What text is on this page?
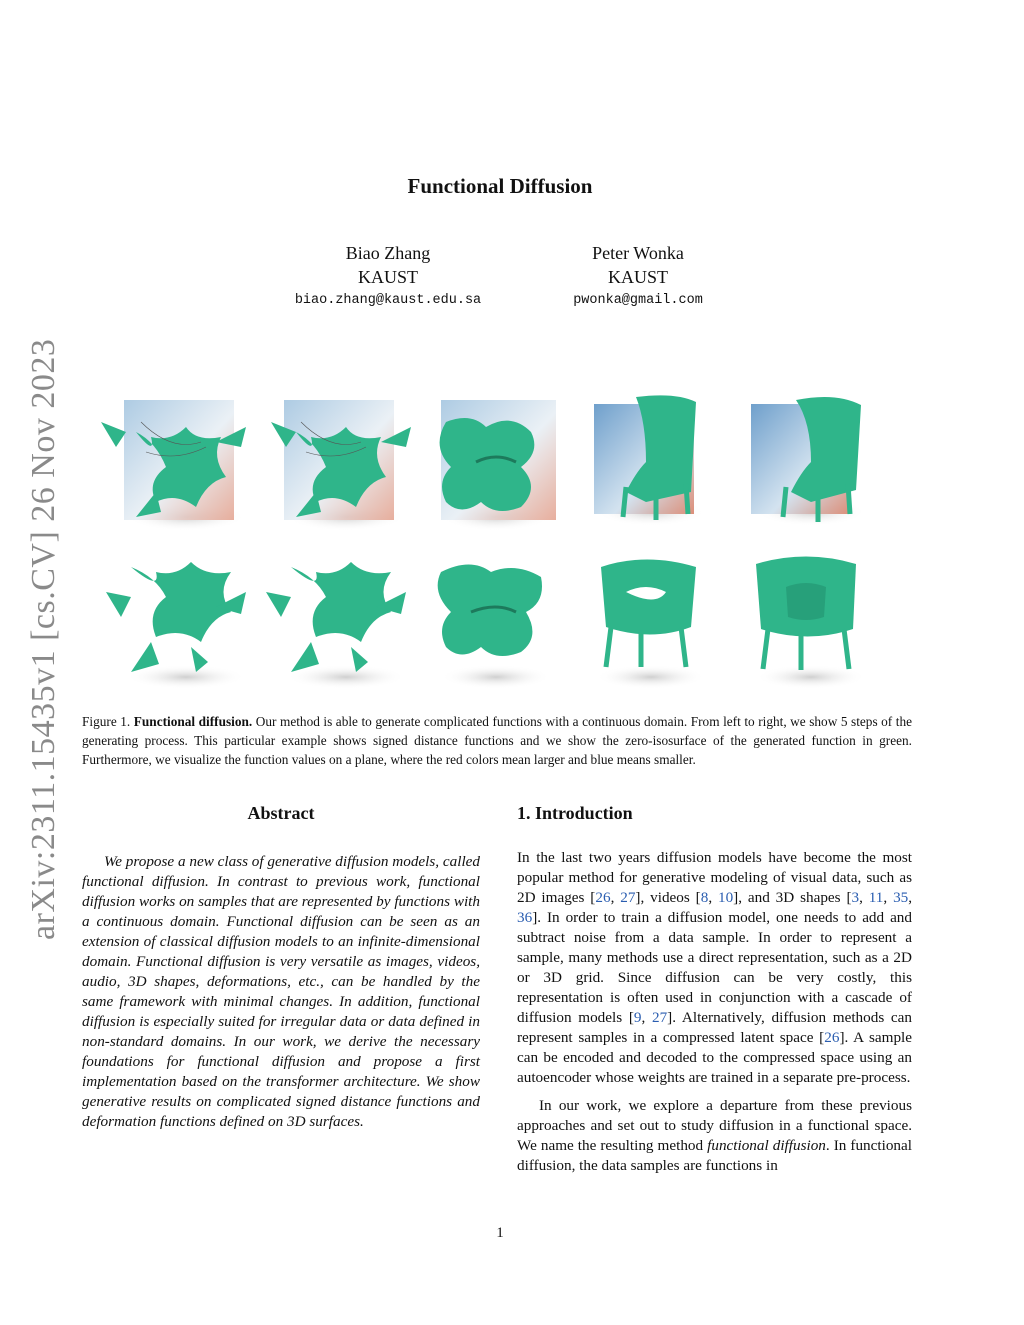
arXiv:2311.15435v1 [cs.CV] 26 Nov 2023
Functional Diffusion
Biao Zhang
KAUST
biao.zhang@kaust.edu.sa
Peter Wonka
KAUST
pwonka@gmail.com
Figure 1. Functional diffusion. Our method is able to generate complicated functions with a continuous domain. From left to right, we show 5 steps of the generating process. This particular example shows signed distance functions and we show the zero-isosurface of the generated function in green. Furthermore, we visualize the function values on a plane, where the red colors mean larger and blue means smaller.
Abstract

We propose a new class of generative diffusion models, called functional diffusion. In contrast to previous work, functional diffusion works on samples that are represented by functions with a continuous domain. Functional diffusion can be seen as an extension of classical diffusion models to an infinite-dimensional domain. Functional diffusion is very versatile as images, videos, audio, 3D shapes, deformations, etc., can be handled by the same framework with minimal changes. In addition, functional diffusion is especially suited for irregular data or data defined in non-standard domains. In our work, we derive the necessary foundations for functional diffusion and propose a first implementation based on the transformer architecture. We show generative results on complicated signed distance functions and deformation functions defined on 3D surfaces.

1. Introduction

In the last two years diffusion models have become the most popular method for generative modeling of visual data, such as 2D images [26, 27], videos [8, 10], and 3D shapes [3, 11, 35, 36]. In order to train a diffusion model, one needs to add and subtract noise from a data sample. In order to represent a sample, many methods use a direct representation, such as a 2D or 3D grid. Since diffusion can be very costly, this representation is often used in conjunction with a cascade of diffusion models [9, 27]. Alternatively, diffusion methods can represent samples in a compressed latent space [26]. A sample can be encoded and decoded to the compressed space using an autoencoder whose weights are trained in a separate pre-process.

In our work, we explore a departure from these previous approaches and set out to study diffusion in a functional space. We name the resulting method functional diffusion. In functional diffusion, the data samples are functions in

1
